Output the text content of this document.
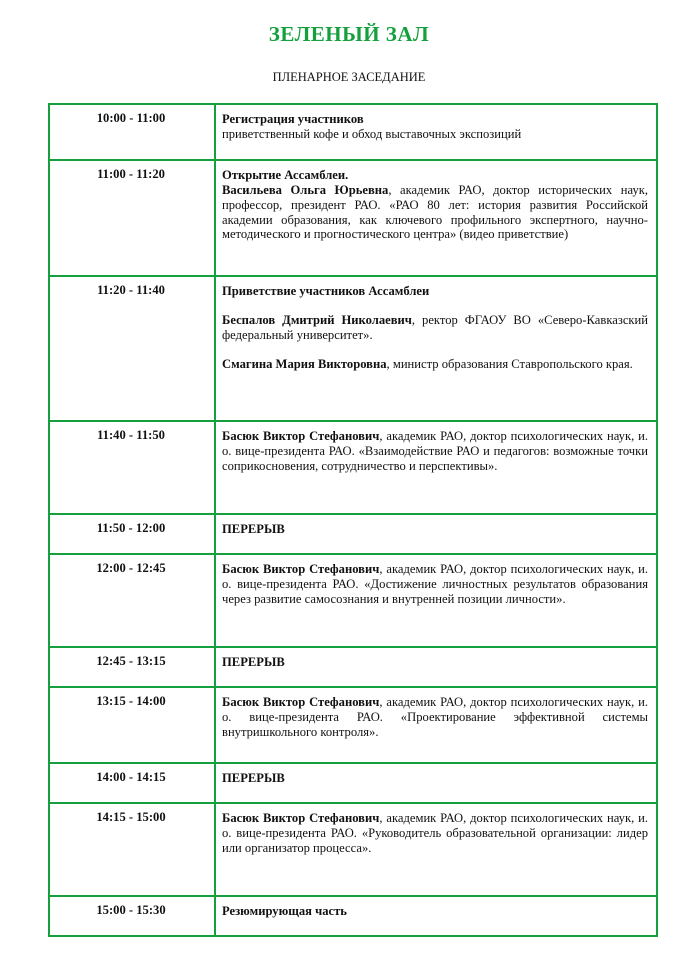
ЗЕЛЕНЫЙ ЗАЛ
ПЛЕНАРНОЕ ЗАСЕДАНИЕ
10:00 - 11:00	Регистрация участников
приветственный кофе и обход выставочных экспозиций

11:00 - 11:20	Открытие Ассамблеи.
Васильева Ольга Юрьевна, академик РАО, доктор исторических наук, профессор, президент РАО. «РАО 80 лет: история развития Российской академии образования, как ключевого профильного экспертного, научно-методического и прогностического центра» (видео приветствие)

11:20 - 11:40	Приветствие участников Ассамблеи
Беспалов Дмитрий Николаевич, ректор ФГАОУ ВО «Северо-Кавказский федеральный университет».
Смагина Мария Викторовна, министр образования Ставропольского края.

11:40 - 11:50	Басюк Виктор Стефанович, академик РАО, доктор психологических наук, и. о. вице-президента РАО. «Взаимодействие РАО и педагогов: возможные точки соприкосновения, сотрудничество и перспективы».

11:50 - 12:00	ПЕРЕРЫВ

12:00 - 12:45	Басюк Виктор Стефанович, академик РАО, доктор психологических наук, и. о. вице-президента РАО. «Достижение личностных результатов образования через развитие самосознания и внутренней позиции личности».

12:45 - 13:15	ПЕРЕРЫВ

13:15 - 14:00	Басюк Виктор Стефанович, академик РАО, доктор психологических наук, и. о. вице-президента РАО. «Проектирование эффективной системы внутришкольного контроля».

14:00 - 14:15	ПЕРЕРЫВ

14:15 - 15:00	Басюк Виктор Стефанович, академик РАО, доктор психологических наук, и. о. вице-президента РАО. «Руководитель образовательной организации: лидер или организатор процесса».

15:00 - 15:30	Резюмирующая часть
